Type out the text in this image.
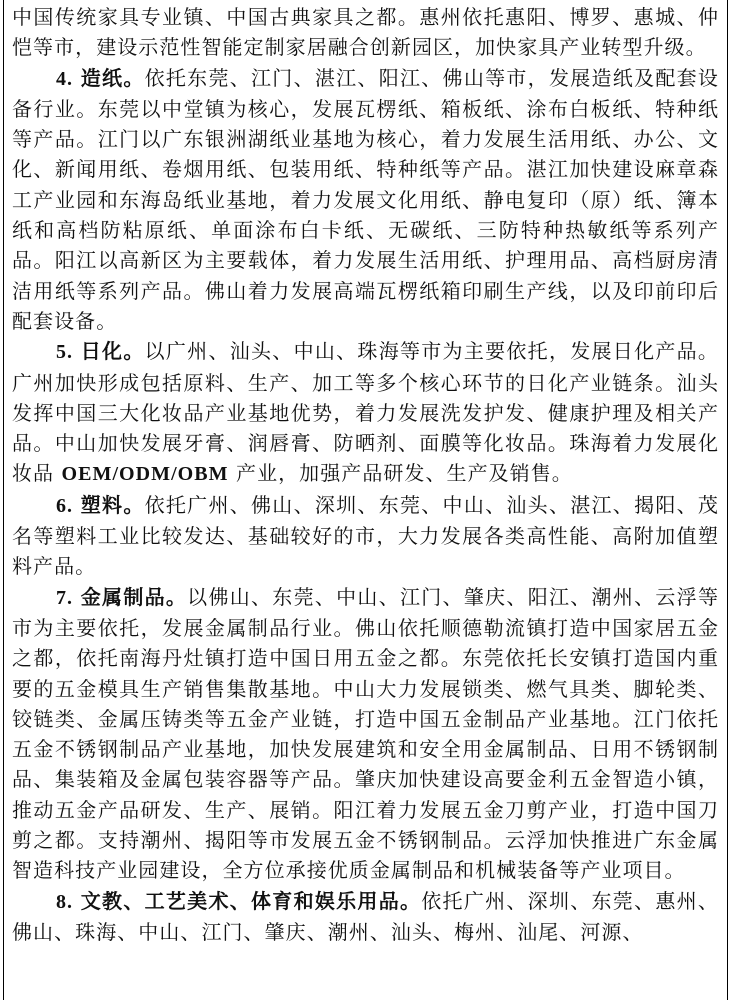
中国传统家具专业镇、中国古典家具之都。惠州依托惠阳、博罗、惠城、仲恺等市，建设示范性智能定制家居融合创新园区，加快家具产业转型升级。

4. 造纸。依托东莞、江门、湛江、阳江、佛山等市，发展造纸及配套设备行业。东莞以中堂镇为核心，发展瓦楞纸、箱板纸、涂布白板纸、特种纸等产品。江门以广东银洲湖纸业基地为核心，着力发展生活用纸、办公、文化、新闻用纸、卷烟用纸、包装用纸、特种纸等产品。湛江加快建设麻章森工产业园和东海岛纸业基地，着力发展文化用纸、静电复印（原）纸、簿本纸和高档防粘原纸、单面涂布白卡纸、无碳纸、三防特种热敏纸等系列产品。阳江以高新区为主要载体，着力发展生活用纸、护理用品、高档厨房清洁用纸等系列产品。佛山着力发展高端瓦楞纸箱印刷生产线，以及印前印后配套设备。

5. 日化。以广州、汕头、中山、珠海等市为主要依托，发展日化产品。广州加快形成包括原料、生产、加工等多个核心环节的日化产业链条。汕头发挥中国三大化妆品产业基地优势，着力发展洗发护发、健康护理及相关产品。中山加快发展牙膏、润唇膏、防晒剂、面膜等化妆品。珠海着力发展化妆品 OEM/ODM/OBM 产业，加强产品研发、生产及销售。

6. 塑料。依托广州、佛山、深圳、东莞、中山、汕头、湛江、揭阳、茂名等塑料工业比较发达、基础较好的市，大力发展各类高性能、高附加值塑料产品。

7. 金属制品。以佛山、东莞、中山、江门、肇庆、阳江、潮州、云浮等市为主要依托，发展金属制品行业。佛山依托顺德勒流镇打造中国家居五金之都，依托南海丹灶镇打造中国日用五金之都。东莞依托长安镇打造国内重要的五金模具生产销售集散基地。中山大力发展锁类、燃气具类、脚轮类、铰链类、金属压铸类等五金产业链，打造中国五金制品产业基地。江门依托五金不锈钢制品产业基地，加快发展建筑和安全用金属制品、日用不锈钢制品、集装箱及金属包装容器等产品。肇庆加快建设高要金利五金智造小镇，推动五金产品研发、生产、展销。阳江着力发展五金刀剪产业，打造中国刀剪之都。支持潮州、揭阳等市发展五金不锈钢制品。云浮加快推进广东金属智造科技产业园建设，全方位承接优质金属制品和机械装备等产业项目。

8. 文教、工艺美术、体育和娱乐用品。依托广州、深圳、东莞、惠州、佛山、珠海、中山、江门、肇庆、潮州、汕头、梅州、汕尾、河源、
